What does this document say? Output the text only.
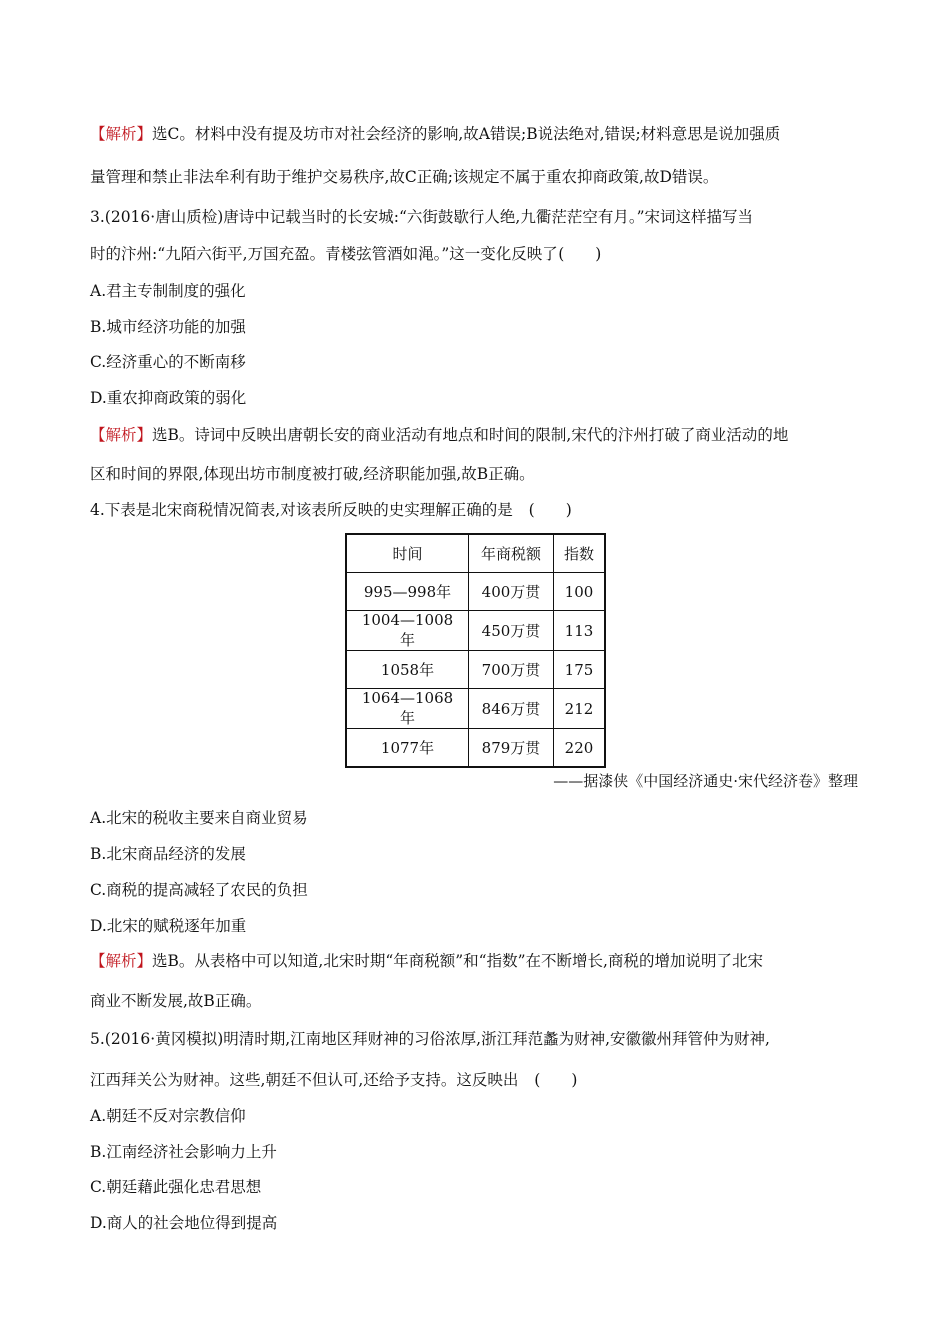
【解析】选C。材料中没有提及坊市对社会经济的影响,故A错误;B说法绝对,错误;材料意思是说加强质
量管理和禁止非法牟利有助于维护交易秩序,故C正确;该规定不属于重农抑商政策,故D错误。
3.(2016·唐山质检)唐诗中记载当时的长安城:“六街鼓歇行人绝,九衢茫茫空有月。”宋词这样描写当
时的汴州:“九陌六街平,万国充盈。青楼弦管酒如渑。”这一变化反映了(   )
A.君主专制制度的强化
B.城市经济功能的加强
C.经济重心的不断南移
D.重农抑商政策的弱化
【解析】选B。诗词中反映出唐朝长安的商业活动有地点和时间的限制,宋代的汴州打破了商业活动的地
区和时间的界限,体现出坊市制度被打破,经济职能加强,故B正确。
4.下表是北宋商税情况简表,对该表所反映的史实理解正确的是  (   )
时间	年商税额	指数
995—998年	400万贯	100
1004—1008年	450万贯	113
1058年	700万贯	175
1064—1068年	846万贯	212
1077年	879万贯	220
——据漆侠《中国经济通史·宋代经济卷》整理
A.北宋的税收主要来自商业贸易
B.北宋商品经济的发展
C.商税的提高减轻了农民的负担
D.北宋的赋税逐年加重
【解析】选B。从表格中可以知道,北宋时期“年商税额”和“指数”在不断增长,商税的增加说明了北宋
商业不断发展,故B正确。
5.(2016·黄冈模拟)明清时期,江南地区拜财神的习俗浓厚,浙江拜范蠡为财神,安徽徽州拜管仲为财神,
江西拜关公为财神。这些,朝廷不但认可,还给予支持。这反映出  (   )
A.朝廷不反对宗教信仰
B.江南经济社会影响力上升
C.朝廷藉此强化忠君思想
D.商人的社会地位得到提高
